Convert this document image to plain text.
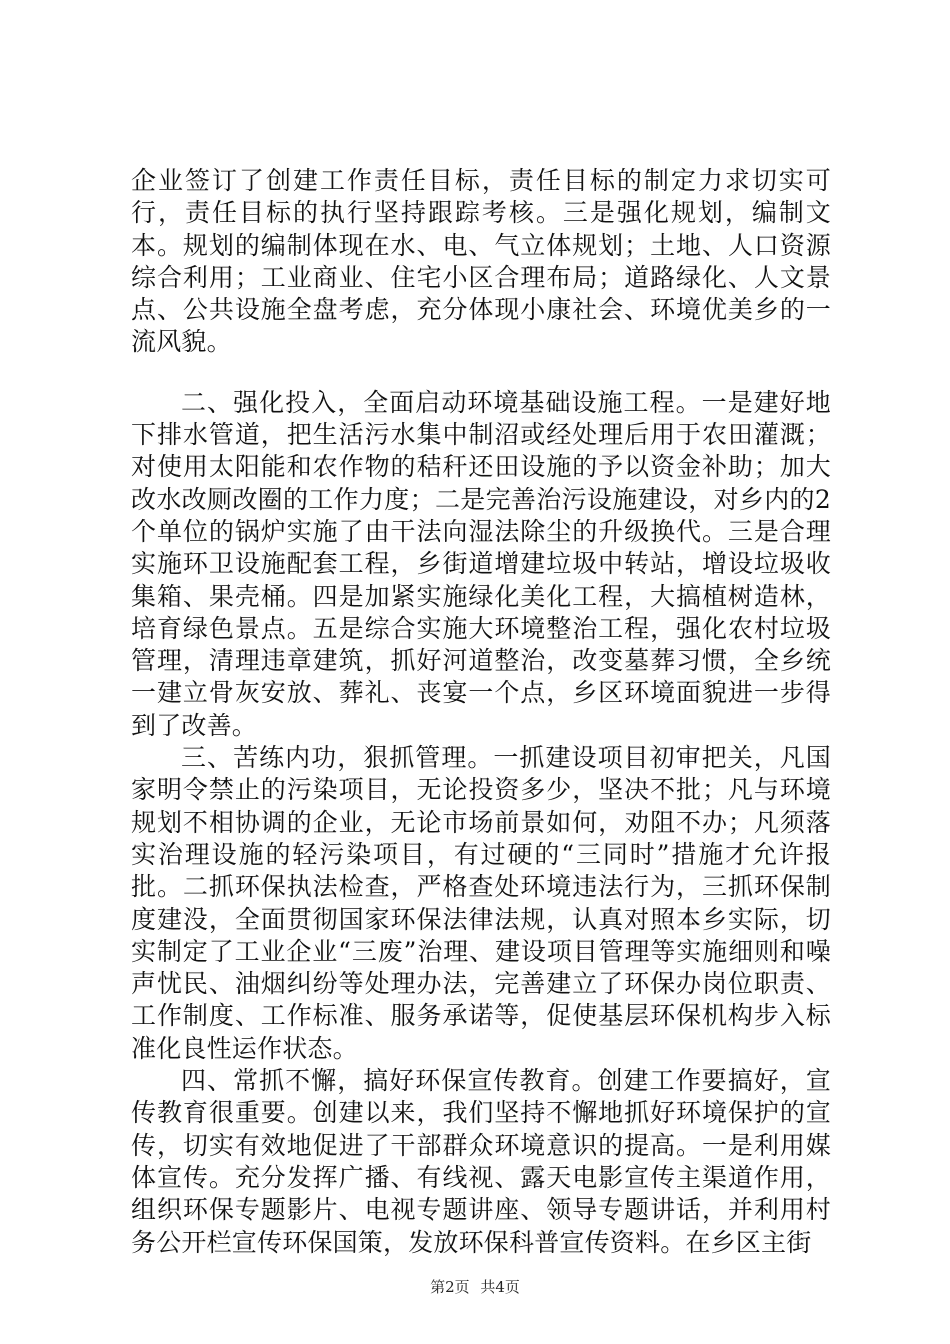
企业签订了创建工作责任目标，责任目标的制定力求切实可行，责任目标的执行坚持跟踪考核。三是强化规划，编制文本。规划的编制体现在水、电、气立体规划；土地、人口资源综合利用；工业商业、住宅小区合理布局；道路绿化、人文景点、公共设施全盘考虑，充分体现小康社会、环境优美乡的一流风貌。

二、强化投入，全面启动环境基础设施工程。一是建好地下排水管道，把生活污水集中制沼或经处理后用于农田灌溉；对使用太阳能和农作物的秸秆还田设施的予以资金补助；加大改水改厕改圈的工作力度；二是完善治污设施建设，对乡内的2个单位的锅炉实施了由干法向湿法除尘的升级换代。三是合理实施环卫设施配套工程，乡街道增建垃圾中转站，增设垃圾收集箱、果壳桶。四是加紧实施绿化美化工程，大搞植树造林，培育绿色景点。五是综合实施大环境整治工程，强化农村垃圾管理，清理违章建筑，抓好河道整治，改变墓葬习惯，全乡统一建立骨灰安放、葬礼、丧宴一个点，乡区环境面貌进一步得到了改善。

三、苦练内功，狠抓管理。一抓建设项目初审把关，凡国家明令禁止的污染项目，无论投资多少，坚决不批；凡与环境规划不相协调的企业，无论市场前景如何，劝阻不办；凡须落实治理设施的轻污染项目，有过硬的“三同时”措施才允许报批。二抓环保执法检查，严格查处环境违法行为，三抓环保制度建没，全面贯彻国家环保法律法规，认真对照本乡实际，切实制定了工业企业“三废”治理、建设项目管理等实施细则和噪声忧民、油烟纠纷等处理办法，完善建立了环保办岗位职责、工作制度、工作标准、服务承诺等，促使基层环保机构步入标准化良性运作状态。

四、常抓不懈，搞好环保宣传教育。创建工作要搞好，宣传教育很重要。创建以来，我们坚持不懈地抓好环境保护的宣传，切实有效地促进了干部群众环境意识的提高。一是利用媒体宣传。充分发挥广播、有线视、露天电影宣传主渠道作用，组织环保专题影片、电视专题讲座、领导专题讲话，并利用村务公开栏宣传环保国策，发放环保科普宣传资料。在乡区主街

第2页 共4页
